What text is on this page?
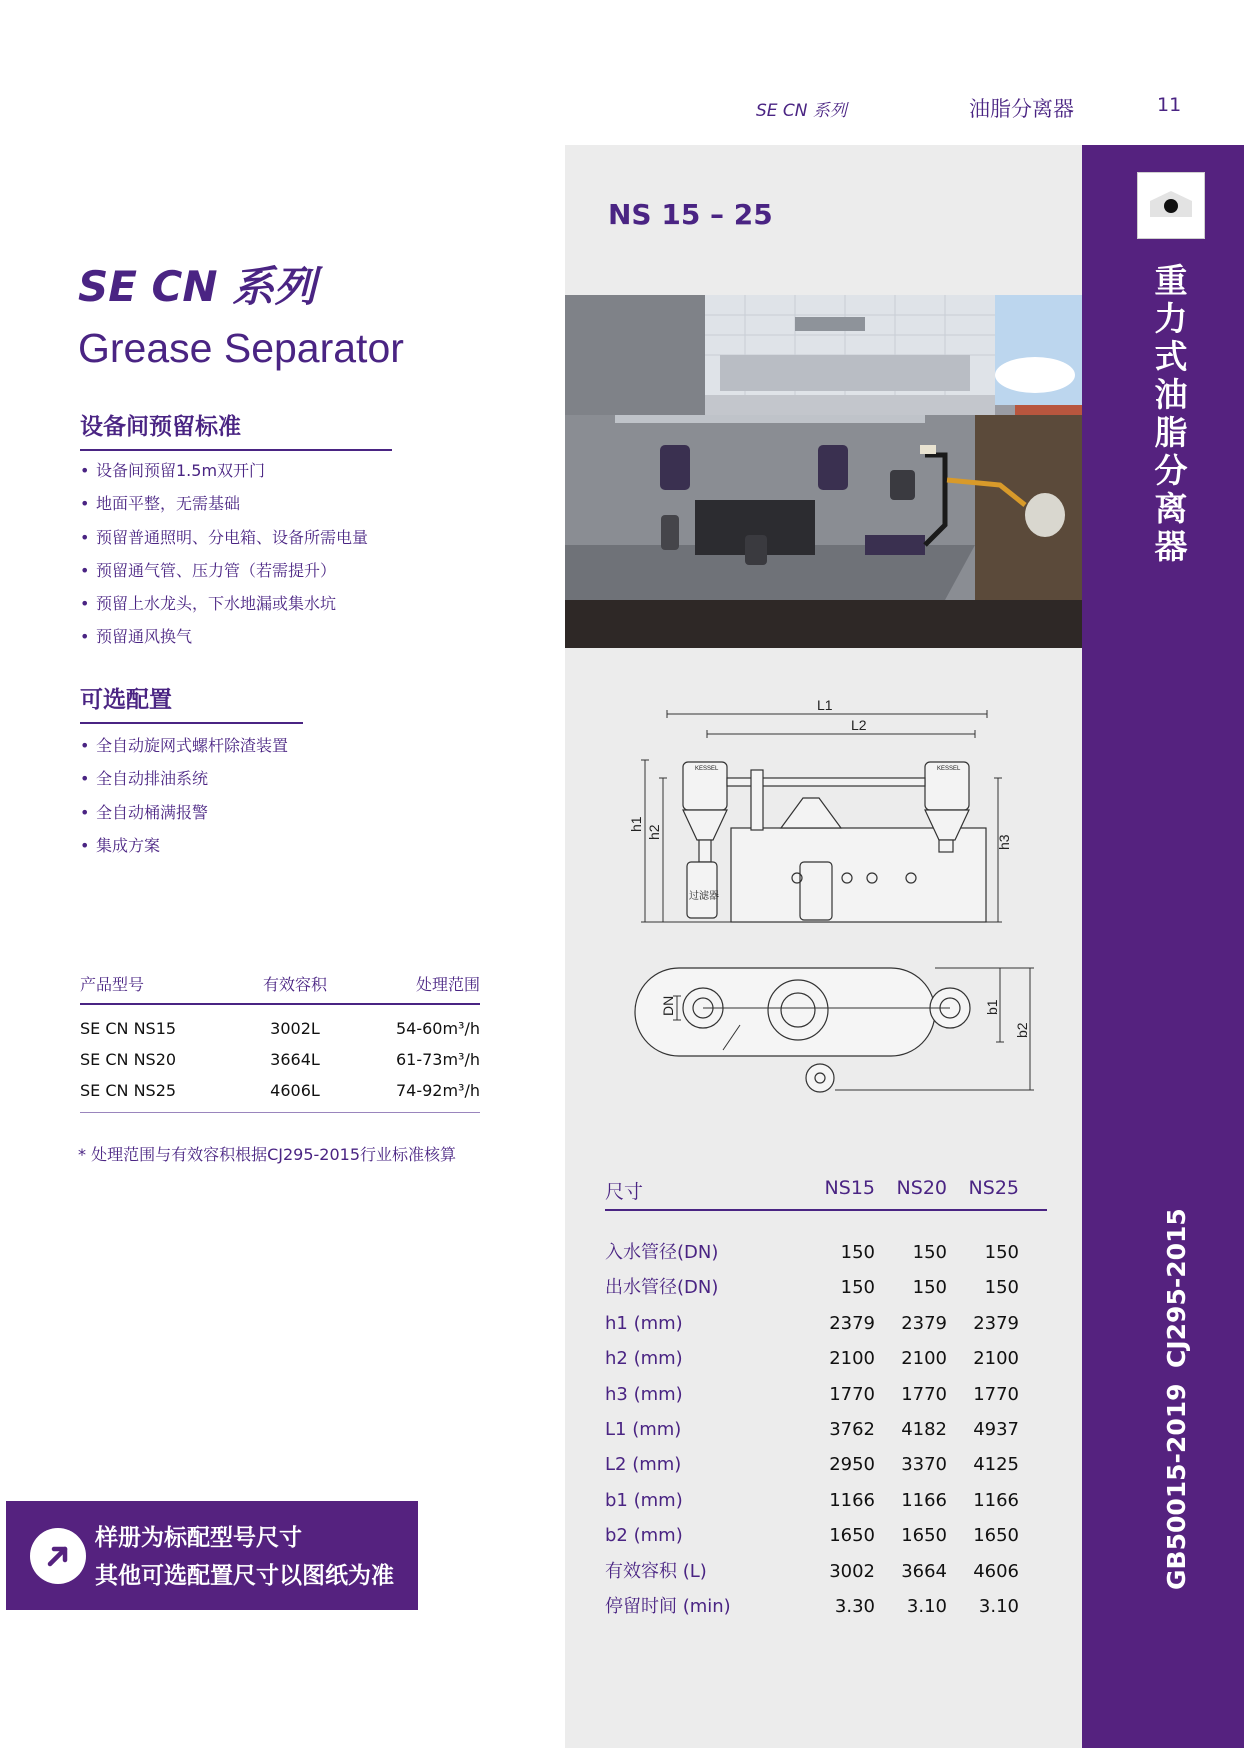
SE CN 系列	油脂分离器	11
重力式油脂分离器
CJ295-2015
GB50015-2019
SE CN 系列
Grease Separator
设备间预留标准
• 设备间预留1.5m双开门
• 地面平整，无需基础
• 预留普通照明、分电箱、设备所需电量
• 预留通气管、压力管（若需提升）
• 预留上水龙头，下水地漏或集水坑
• 预留通风换气
可选配置
• 全自动旋网式螺杆除渣装置
• 全自动排油系统
• 全自动桶满报警
• 集成方案
产品型号	有效容积	处理范围
SE CN NS15	3002L	54-60m³/h
SE CN NS20	3664L	61-73m³/h
SE CN NS25	4606L	74-92m³/h
* 处理范围与有效容积根据CJ295-2015行业标准核算
样册为标配型号尺寸
其他可选配置尺寸以图纸为准
NS 15 – 25
L1
L2
h1
h2
h3
KESSEL	KESSEL
过滤器
DN	b1
b2
尺寸	NS15	NS20	NS25
入水管径(DN)	150	150	150
出水管径(DN)	150	150	150
h1 (mm)	2379	2379	2379
h2 (mm)	2100	2100	2100
h3 (mm)	1770	1770	1770
L1 (mm)	3762	4182	4937
L2 (mm)	2950	3370	4125
b1 (mm)	1166	1166	1166
b2 (mm)	1650	1650	1650
有效容积 (L)	3002	3664	4606
停留时间 (min)	3.30	3.10	3.10
